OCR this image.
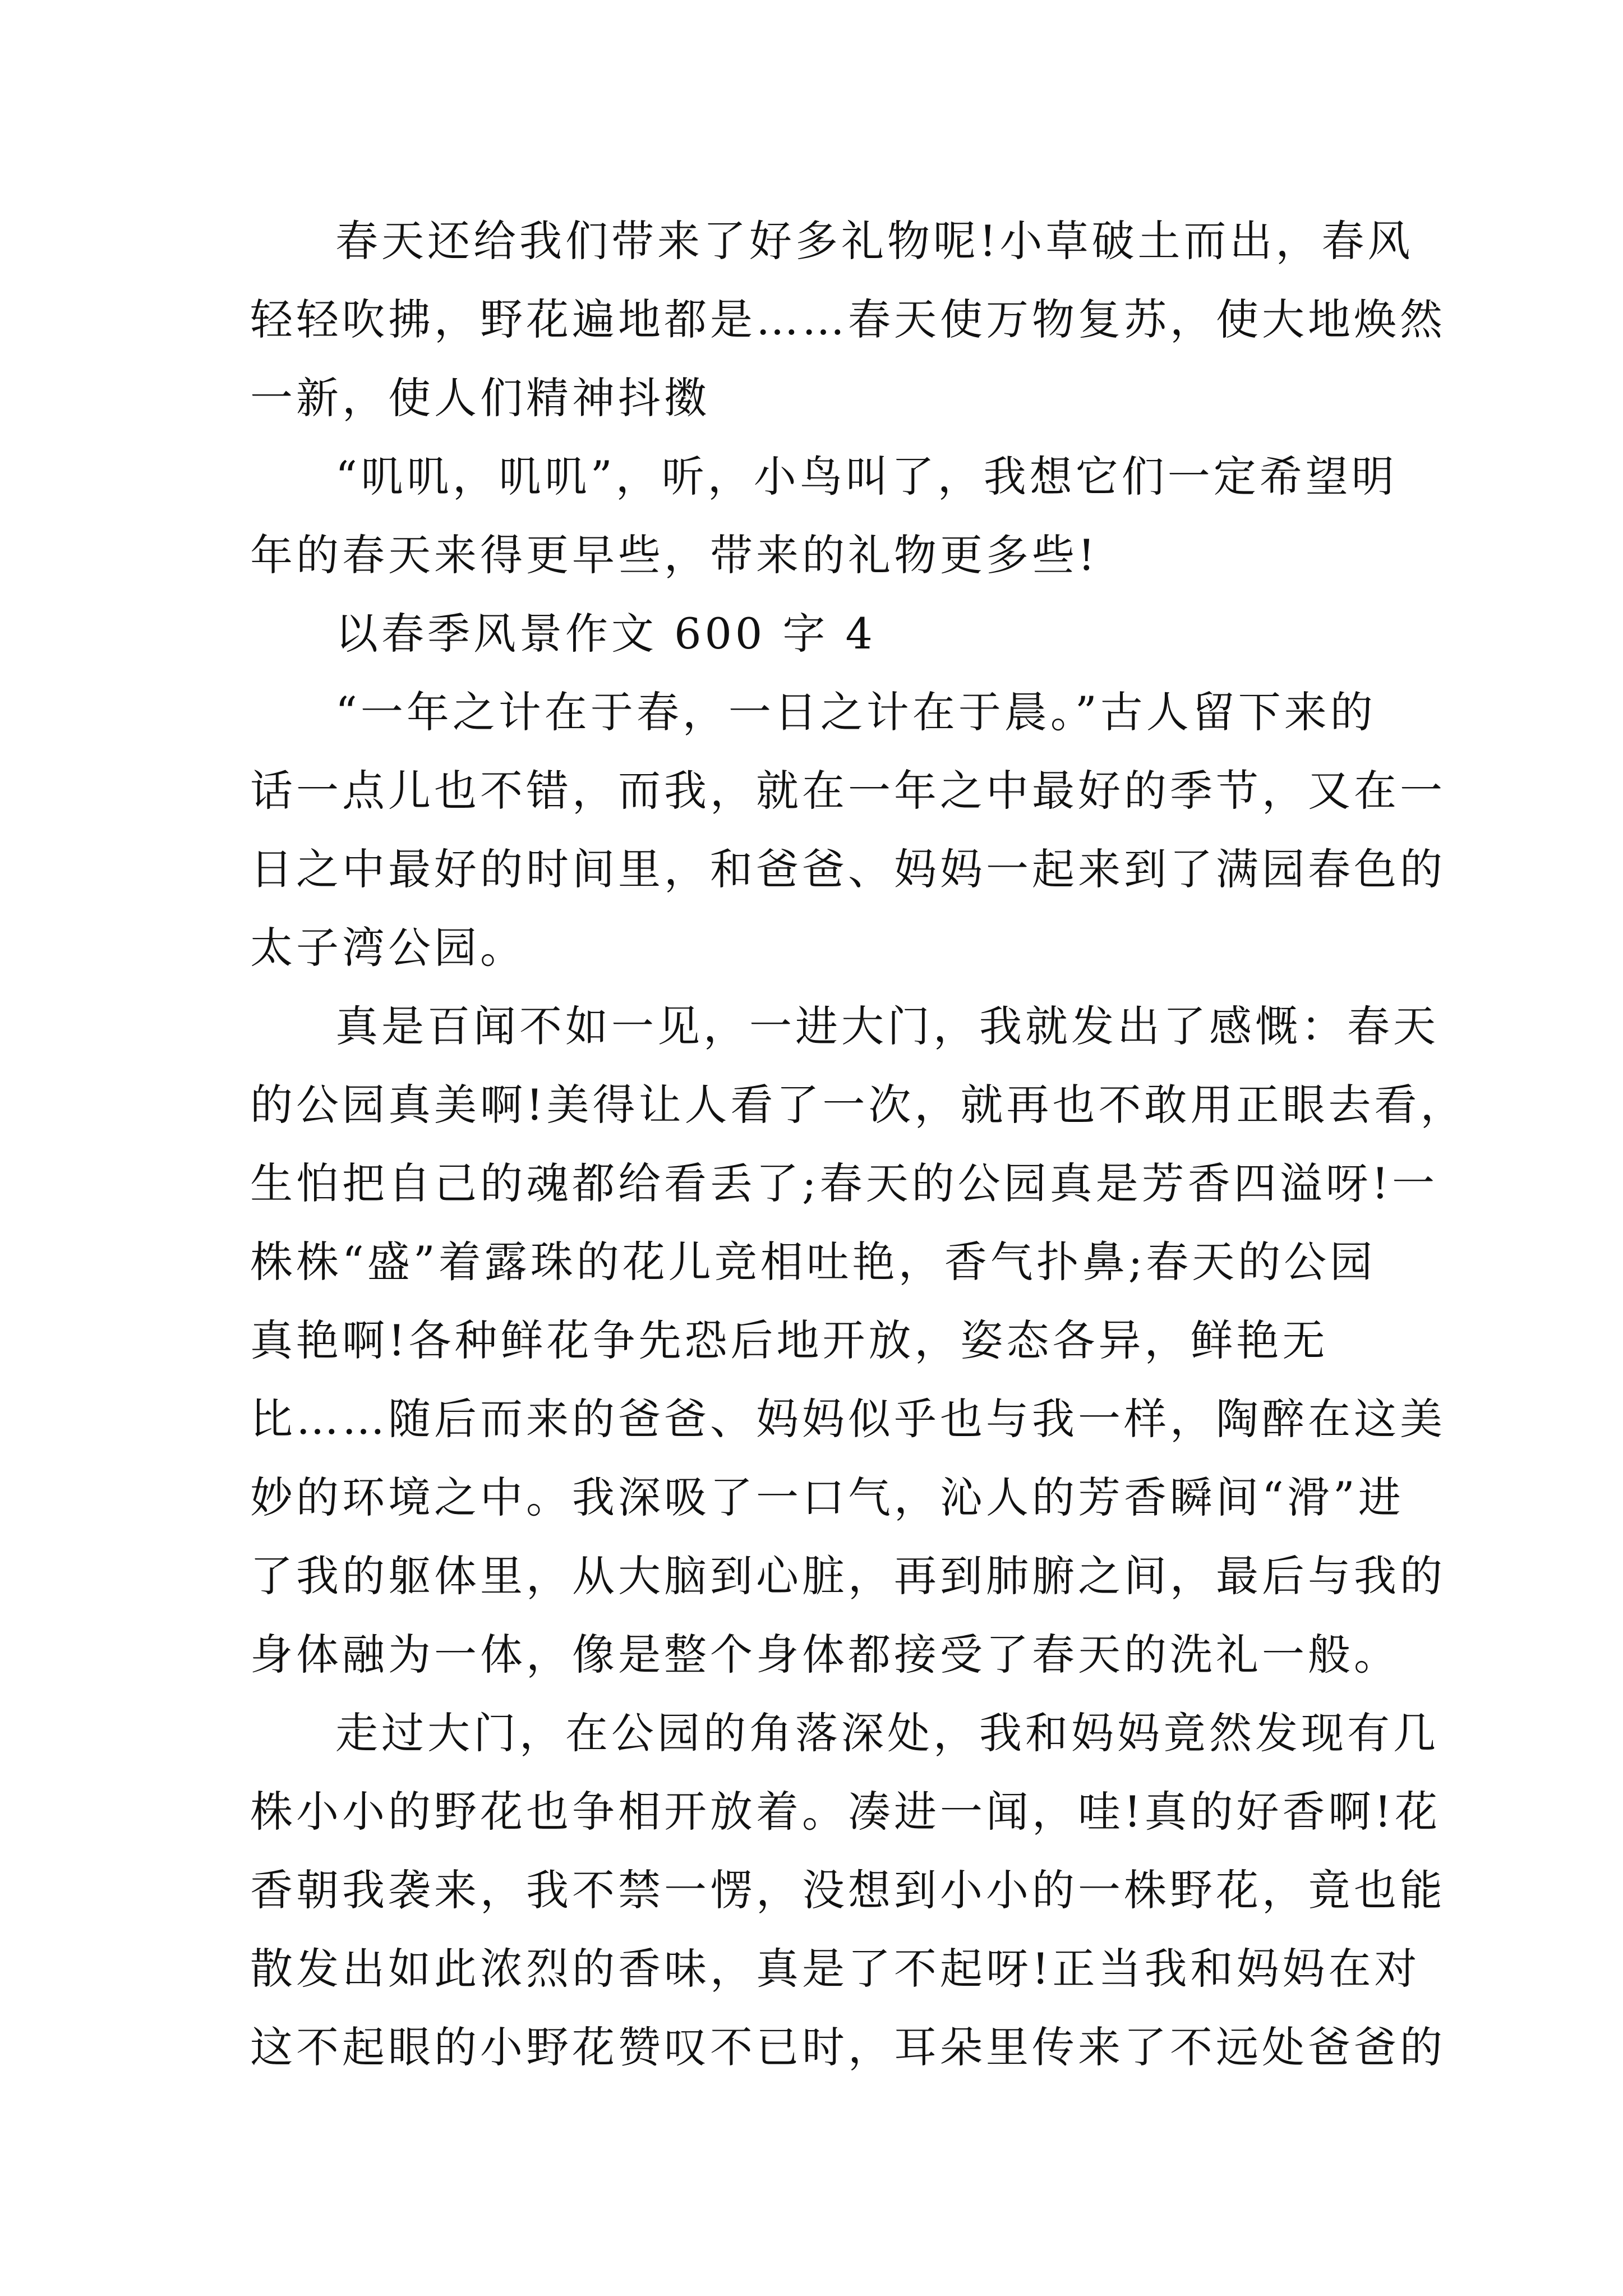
春天还给我们带来了好多礼物呢!小草破土而出，春风
轻轻吹拂，野花遍地都是……春天使万物复苏，使大地焕然
一新，使人们精神抖擞
“叽叽，叽叽”，听，小鸟叫了，我想它们一定希望明
年的春天来得更早些，带来的礼物更多些!
以春季风景作文 600 字 4
“一年之计在于春，一日之计在于晨。”古人留下来的
话一点儿也不错，而我，就在一年之中最好的季节，又在一
日之中最好的时间里，和爸爸、妈妈一起来到了满园春色的
太子湾公园。
真是百闻不如一见，一进大门，我就发出了感慨：春天
的公园真美啊!美得让人看了一次，就再也不敢用正眼去看，
生怕把自己的魂都给看丢了;春天的公园真是芳香四溢呀!一
株株“盛”着露珠的花儿竞相吐艳，香气扑鼻;春天的公园
真艳啊!各种鲜花争先恐后地开放，姿态各异，鲜艳无
比……随后而来的爸爸、妈妈似乎也与我一样，陶醉在这美
妙的环境之中。我深吸了一口气，沁人的芳香瞬间“滑”进
了我的躯体里，从大脑到心脏，再到肺腑之间，最后与我的
身体融为一体，像是整个身体都接受了春天的洗礼一般。
走过大门，在公园的角落深处，我和妈妈竟然发现有几
株小小的野花也争相开放着。凑进一闻，哇!真的好香啊!花
香朝我袭来，我不禁一愣，没想到小小的一株野花，竟也能
散发出如此浓烈的香味，真是了不起呀!正当我和妈妈在对
这不起眼的小野花赞叹不已时，耳朵里传来了不远处爸爸的
